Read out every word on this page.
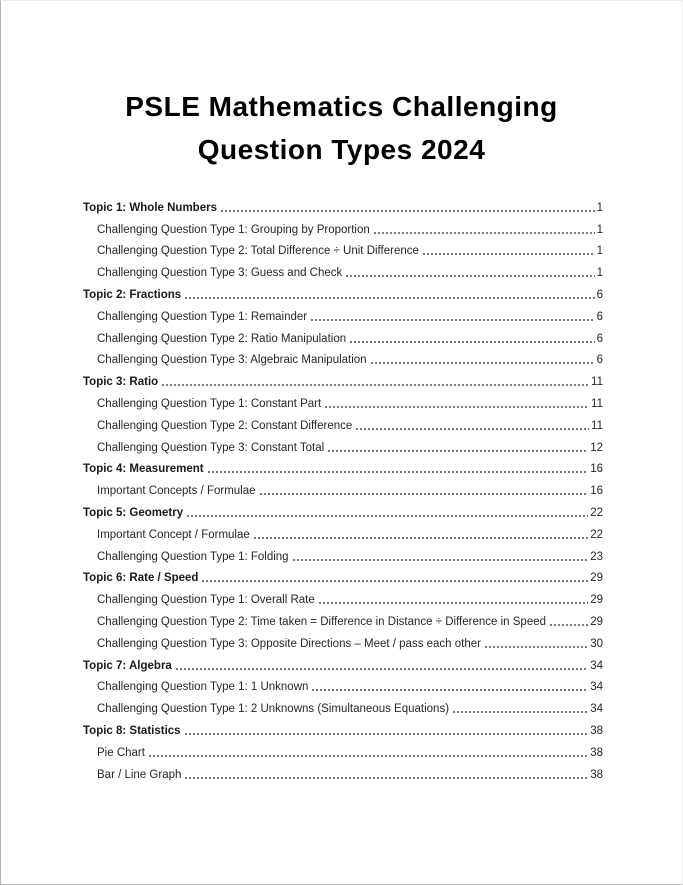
PSLE Mathematics Challenging
Question Types 2024
Topic 1: Whole Numbers	1
Challenging Question Type 1: Grouping by Proportion	1
Challenging Question Type 2: Total Difference ÷ Unit Difference	1
Challenging Question Type 3: Guess and Check	1
Topic 2: Fractions	6
Challenging Question Type 1: Remainder	6
Challenging Question Type 2: Ratio Manipulation	6
Challenging Question Type 3: Algebraic Manipulation	6
Topic 3: Ratio	11
Challenging Question Type 1: Constant Part	11
Challenging Question Type 2: Constant Difference	11
Challenging Question Type 3: Constant Total	12
Topic 4: Measurement	16
Important Concepts / Formulae	16
Topic 5: Geometry	22
Important Concept / Formulae	22
Challenging Question Type 1: Folding	23
Topic 6: Rate / Speed	29
Challenging Question Type 1: Overall Rate	29
Challenging Question Type 2: Time taken = Difference in Distance ÷ Difference in Speed	29
Challenging Question Type 3: Opposite Directions – Meet / pass each other	30
Topic 7: Algebra	34
Challenging Question Type 1: 1 Unknown	34
Challenging Question Type 1: 2 Unknowns (Simultaneous Equations)	34
Topic 8: Statistics	38
Pie Chart	38
Bar / Line Graph	38
